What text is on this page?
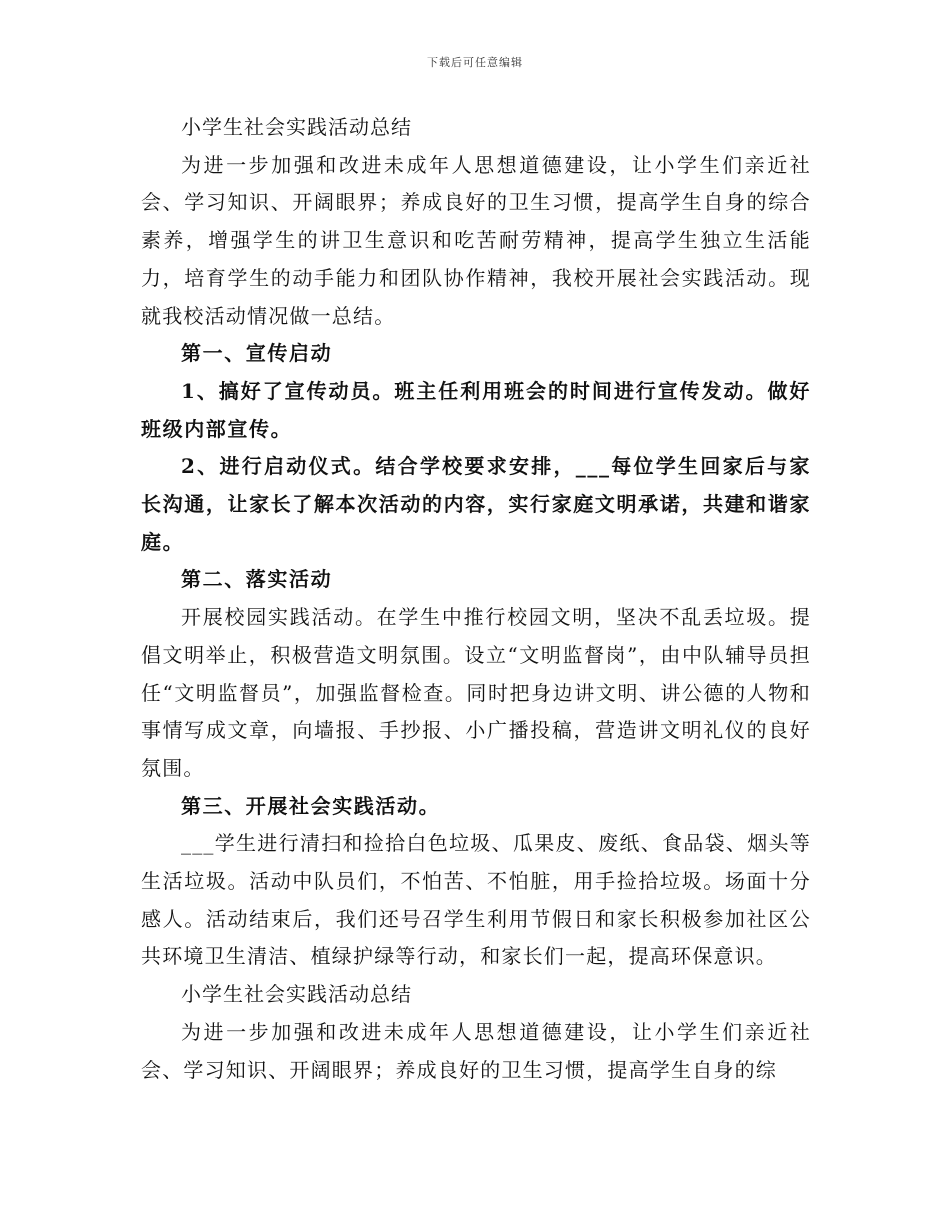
下载后可任意编辑

小学生社会实践活动总结

为进一步加强和改进未成年人思想道德建设，让小学生们亲近社会、学习知识、开阔眼界；养成良好的卫生习惯，提高学生自身的综合素养，增强学生的讲卫生意识和吃苦耐劳精神，提高学生独立生活能力，培育学生的动手能力和团队协作精神，我校开展社会实践活动。现就我校活动情况做一总结。

第一、宣传启动

1、搞好了宣传动员。班主任利用班会的时间进行宣传发动。做好班级内部宣传。

2、进行启动仪式。结合学校要求安排，___每位学生回家后与家长沟通，让家长了解本次活动的内容，实行家庭文明承诺，共建和谐家庭。

第二、落实活动

开展校园实践活动。在学生中推行校园文明，坚决不乱丢垃圾。提倡文明举止，积极营造文明氛围。设立“文明监督岗”，由中队辅导员担任“文明监督员”，加强监督检查。同时把身边讲文明、讲公德的人物和事情写成文章，向墙报、手抄报、小广播投稿，营造讲文明礼仪的良好氛围。

第三、开展社会实践活动。

___学生进行清扫和捡拾白色垃圾、瓜果皮、废纸、食品袋、烟头等生活垃圾。活动中队员们，不怕苦、不怕脏，用手捡拾垃圾。场面十分感人。活动结束后，我们还号召学生利用节假日和家长积极参加社区公共环境卫生清洁、植绿护绿等行动，和家长们一起，提高环保意识。

小学生社会实践活动总结

为进一步加强和改进未成年人思想道德建设，让小学生们亲近社会、学习知识、开阔眼界；养成良好的卫生习惯，提高学生自身的综
